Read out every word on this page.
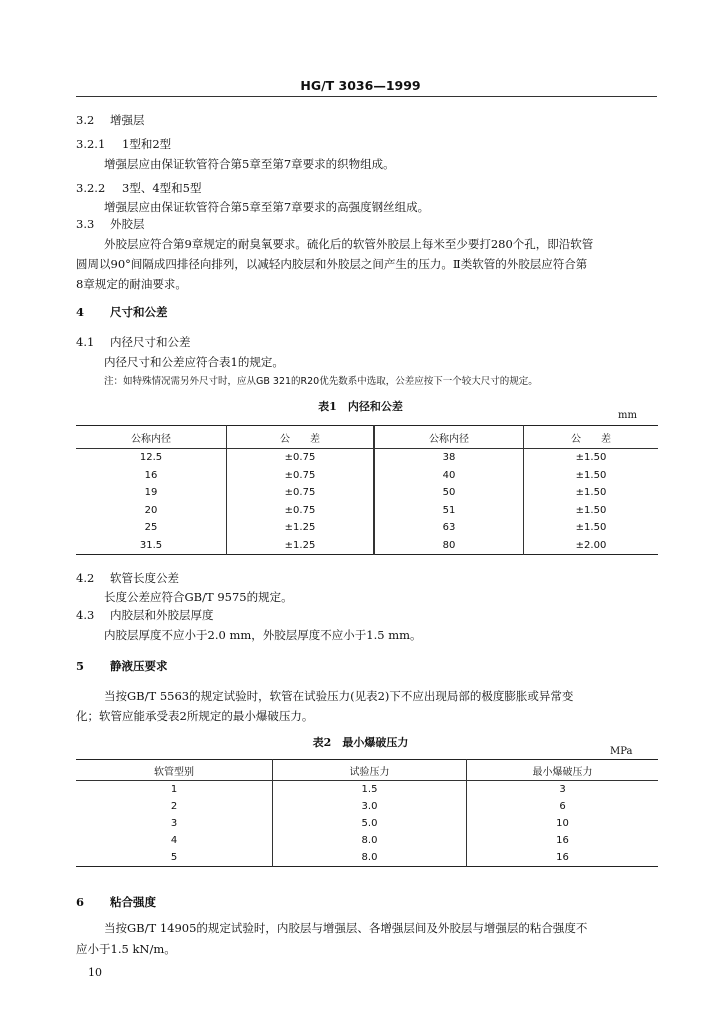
HG/T 3036—1999
3.2 增强层
3.2.1 1型和2型
增强层应由保证软管符合第5章至第7章要求的织物组成。
3.2.2 3型、4型和5型
增强层应由保证软管符合第5章至第7章要求的高强度钢丝组成。
3.3 外胶层
外胶层应符合第9章规定的耐臭氧要求。硫化后的软管外胶层上每米至少要打280个孔，即沿软管
圆周以90°间隔成四排径向排列，以减轻内胶层和外胶层之间产生的压力。Ⅱ类软管的外胶层应符合第
8章规定的耐油要求。
4 尺寸和公差
4.1 内径尺寸和公差
内径尺寸和公差应符合表1的规定。
注：如特殊情况需另外尺寸时，应从GB 321的R20优先数系中选取，公差应按下一个较大尺寸的规定。
表1　内径和公差
mm
公称内径	公　　差	公称内径	公　　差
12.5	±0.75	38	±1.50
16	±0.75	40	±1.50
19	±0.75	50	±1.50
20	±0.75	51	±1.50
25	±1.25	63	±1.50
31.5	±1.25	80	±2.00
4.2 软管长度公差
长度公差应符合GB/T 9575的规定。
4.3 内胶层和外胶层厚度
内胶层厚度不应小于2.0 mm，外胶层厚度不应小于1.5 mm。
5 静液压要求
当按GB/T 5563的规定试验时，软管在试验压力(见表2)下不应出现局部的极度膨胀或异常变
化；软管应能承受表2所规定的最小爆破压力。
表2　最小爆破压力
MPa
软管型别	试验压力	最小爆破压力
1	1.5	3
2	3.0	6
3	5.0	10
4	8.0	16
5	8.0	16
6 粘合强度
当按GB/T 14905的规定试验时，内胶层与增强层、各增强层间及外胶层与增强层的粘合强度不
应小于1.5 kN/m。
10
